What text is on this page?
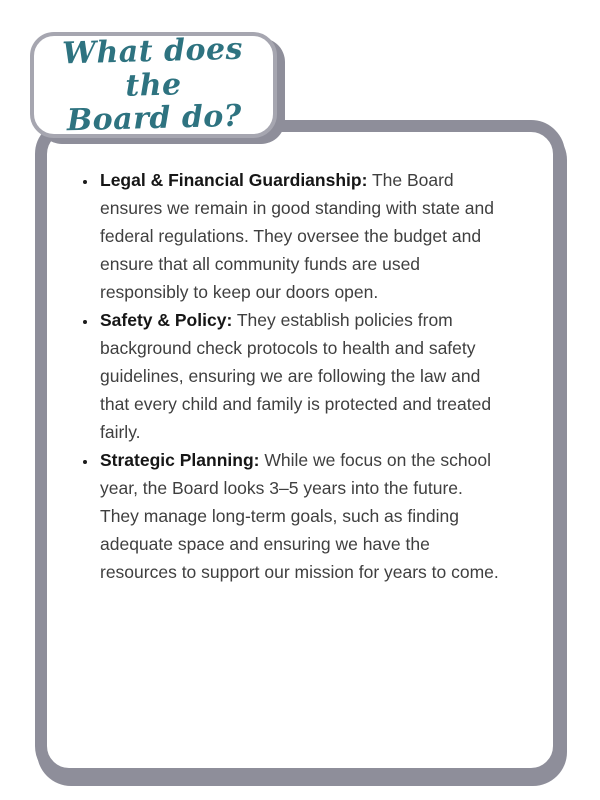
What does the
Board do?
• Legal & Financial Guardianship: The Board ensures we remain in good standing with state and federal regulations. They oversee the budget and ensure that all community funds are used responsibly to keep our doors open.
• Safety & Policy: They establish policies from background check protocols to health and safety guidelines, ensuring we are following the law and that every child and family is protected and treated fairly.
• Strategic Planning: While we focus on the school year, the Board looks 3–5 years into the future. They manage long-term goals, such as finding adequate space and ensuring we have the resources to support our mission for years to come.
